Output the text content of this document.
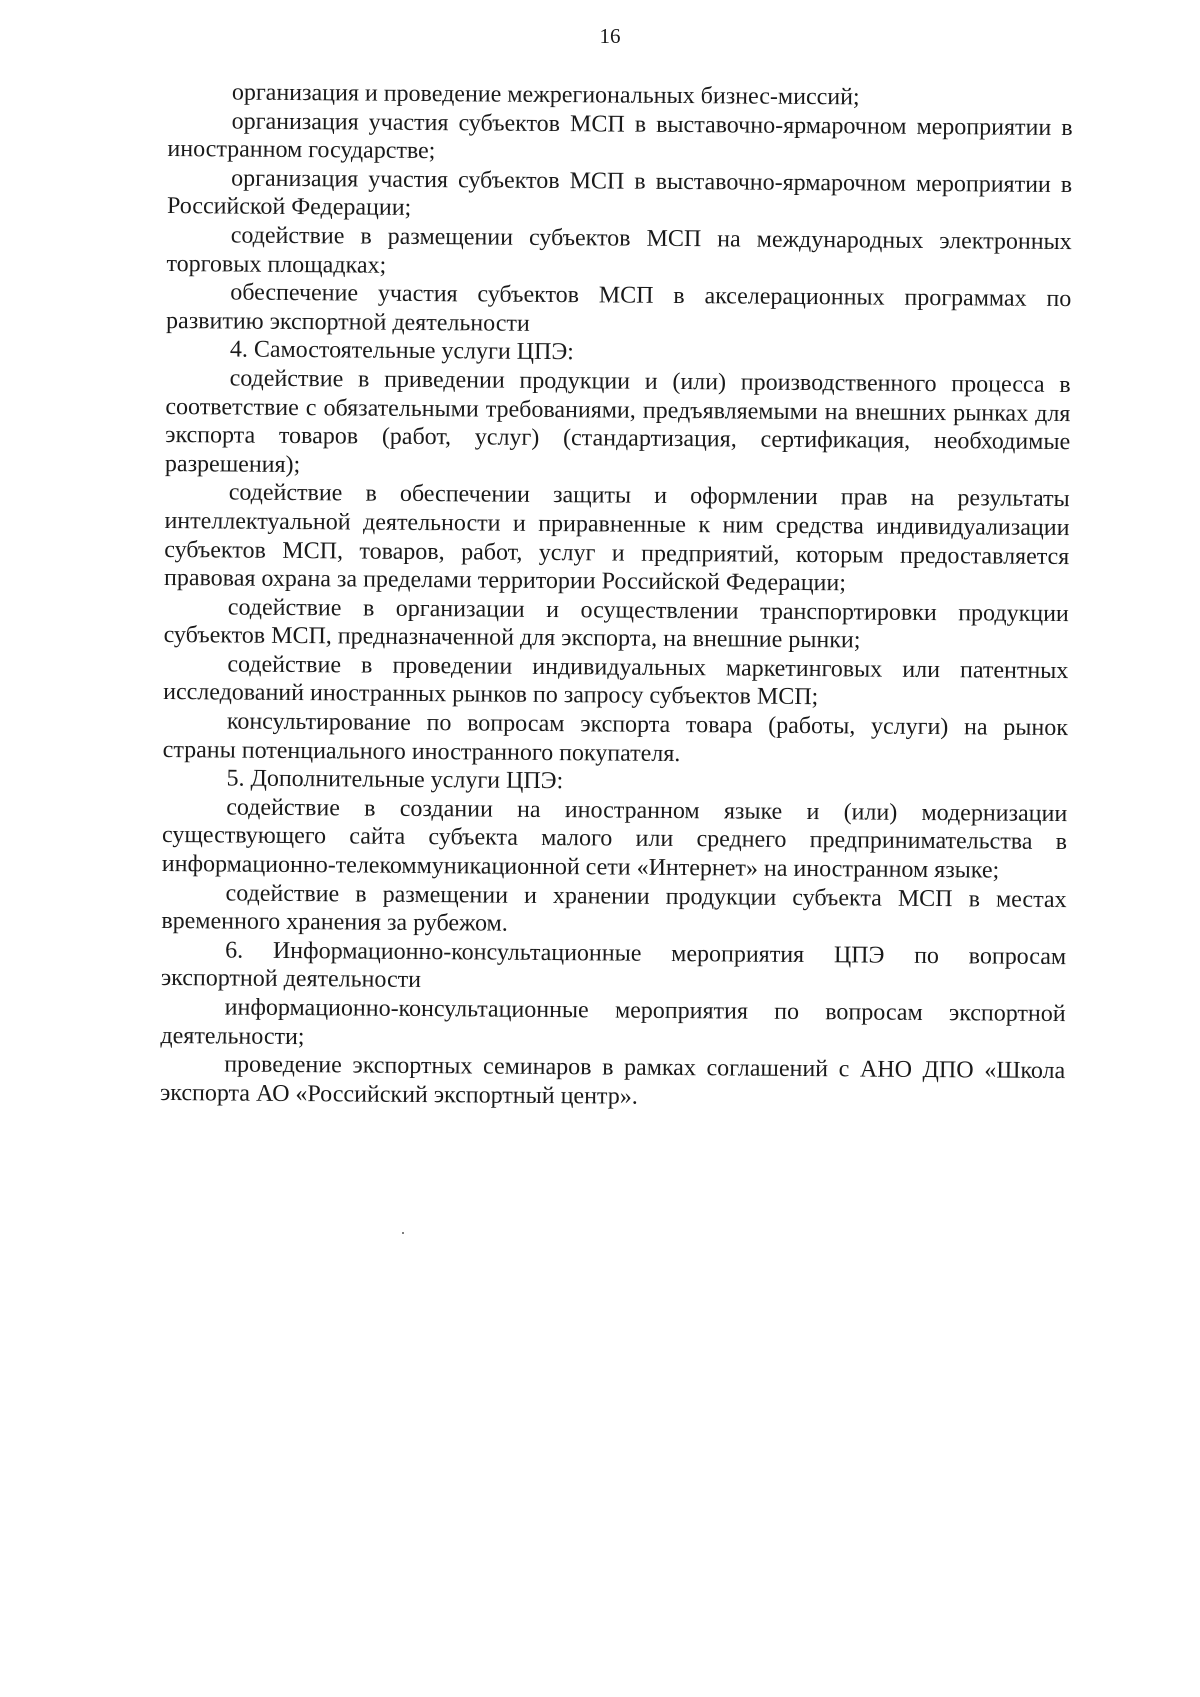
16
организация и проведение межрегиональных бизнес-миссий;
организация участия субъектов МСП в выставочно-ярмарочном мероприятии в
иностранном государстве;
организация участия субъектов МСП в выставочно-ярмарочном мероприятии в
Российской Федерации;
содействие в размещении субъектов МСП на международных электронных
торговых площадках;
обеспечение участия субъектов МСП в акселерационных программах по
развитию экспортной деятельности
4. Самостоятельные услуги ЦПЭ:
содействие в приведении продукции и (или) производственного процесса в
соответствие с обязательными требованиями, предъявляемыми на внешних рынках для
экспорта товаров (работ, услуг) (стандартизация, сертификация, необходимые
разрешения);
содействие в обеспечении защиты и оформлении прав на результаты
интеллектуальной деятельности и приравненные к ним средства индивидуализации
субъектов МСП, товаров, работ, услуг и предприятий, которым предоставляется
правовая охрана за пределами территории Российской Федерации;
содействие в организации и осуществлении транспортировки продукции
субъектов МСП, предназначенной для экспорта, на внешние рынки;
содействие в проведении индивидуальных маркетинговых или патентных
исследований иностранных рынков по запросу субъектов МСП;
консультирование по вопросам экспорта товара (работы, услуги) на рынок
страны потенциального иностранного покупателя.
5. Дополнительные услуги ЦПЭ:
содействие в создании на иностранном языке и (или) модернизации
существующего сайта субъекта малого или среднего предпринимательства в
информационно-телекоммуникационной сети «Интернет» на иностранном языке;
содействие в размещении и хранении продукции субъекта МСП в местах
временного хранения за рубежом.
6. Информационно-консультационные мероприятия ЦПЭ по вопросам
экспортной деятельности
информационно-консультационные мероприятия по вопросам экспортной
деятельности;
проведение экспортных семинаров в рамках соглашений с АНО ДПО «Школа
экспорта АО «Российский экспортный центр».
